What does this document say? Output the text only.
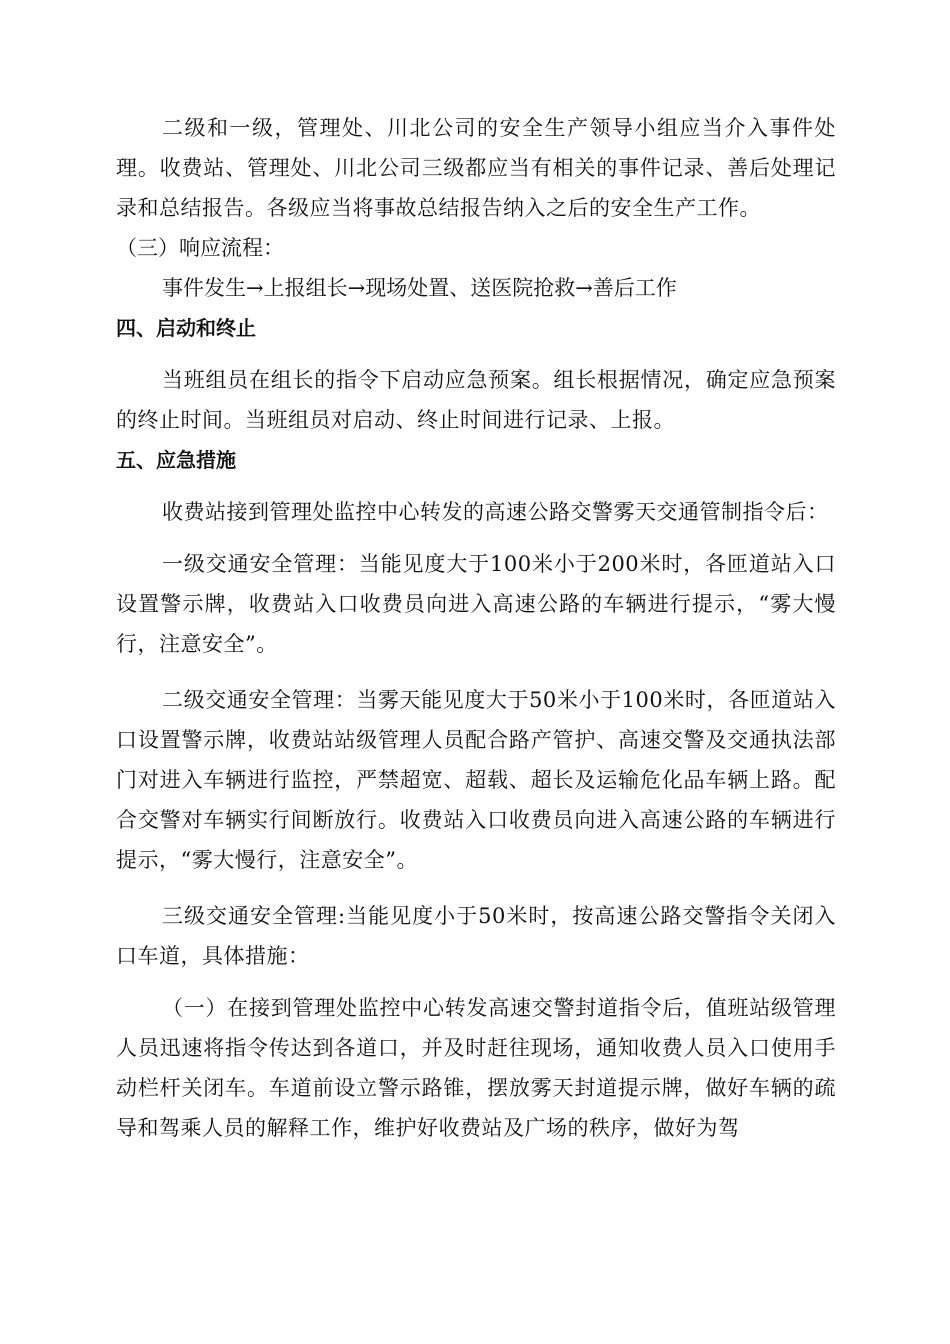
二级和一级，管理处、川北公司的安全生产领导小组应当介入事件处理。收费站、管理处、川北公司三级都应当有相关的事件记录、善后处理记录和总结报告。各级应当将事故总结报告纳入之后的安全生产工作。

（三）响应流程：

事件发生→上报组长→现场处置、送医院抢救→善后工作

四、启动和终止

当班组员在组长的指令下启动应急预案。组长根据情况，确定应急预案的终止时间。当班组员对启动、终止时间进行记录、上报。

五、应急措施

收费站接到管理处监控中心转发的高速公路交警雾天交通管制指令后：

一级交通安全管理：当能见度大于100米小于200米时，各匝道站入口设置警示牌，收费站入口收费员向进入高速公路的车辆进行提示，“雾大慢行，注意安全”。

二级交通安全管理：当雾天能见度大于50米小于100米时，各匝道站入口设置警示牌，收费站站级管理人员配合路产管护、高速交警及交通执法部门对进入车辆进行监控，严禁超宽、超载、超长及运输危化品车辆上路。配合交警对车辆实行间断放行。收费站入口收费员向进入高速公路的车辆进行提示，“雾大慢行，注意安全”。

三级交通安全管理:当能见度小于50米时，按高速公路交警指令关闭入口车道，具体措施：

（一）在接到管理处监控中心转发高速交警封道指令后，值班站级管理人员迅速将指令传达到各道口，并及时赶往现场，通知收费人员入口使用手动栏杆关闭车。车道前设立警示路锥，摆放雾天封道提示牌，做好车辆的疏导和驾乘人员的解释工作，维护好收费站及广场的秩序，做好为驾
